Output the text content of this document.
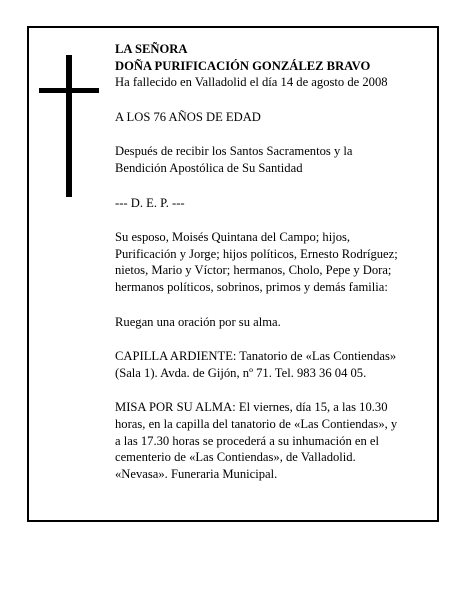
LA SEÑORA
DOÑA PURIFICACIÓN GONZÁLEZ BRAVO
Ha fallecido en Valladolid el día 14 de agosto de 2008

A LOS 76 AÑOS DE EDAD

Después de recibir los Santos Sacramentos y la
Bendición Apostólica de Su Santidad

--- D. E. P. ---

Su esposo, Moisés Quintana del Campo; hijos,
Purificación y Jorge; hijos políticos, Ernesto Rodríguez;
nietos, Mario y Víctor; hermanos, Cholo, Pepe y Dora;
hermanos políticos, sobrinos, primos y demás familia:

Ruegan una oración por su alma.

CAPILLA ARDIENTE: Tanatorio de «Las Contiendas»
(Sala 1). Avda. de Gijón, nº 71. Tel. 983 36 04 05.

MISA POR SU ALMA: El viernes, día 15, a las 10.30
horas, en la capilla del tanatorio de «Las Contiendas», y
a las 17.30 horas se procederá a su inhumación en el
cementerio de «Las Contiendas», de Valladolid.
«Nevasa». Funeraria Municipal.
